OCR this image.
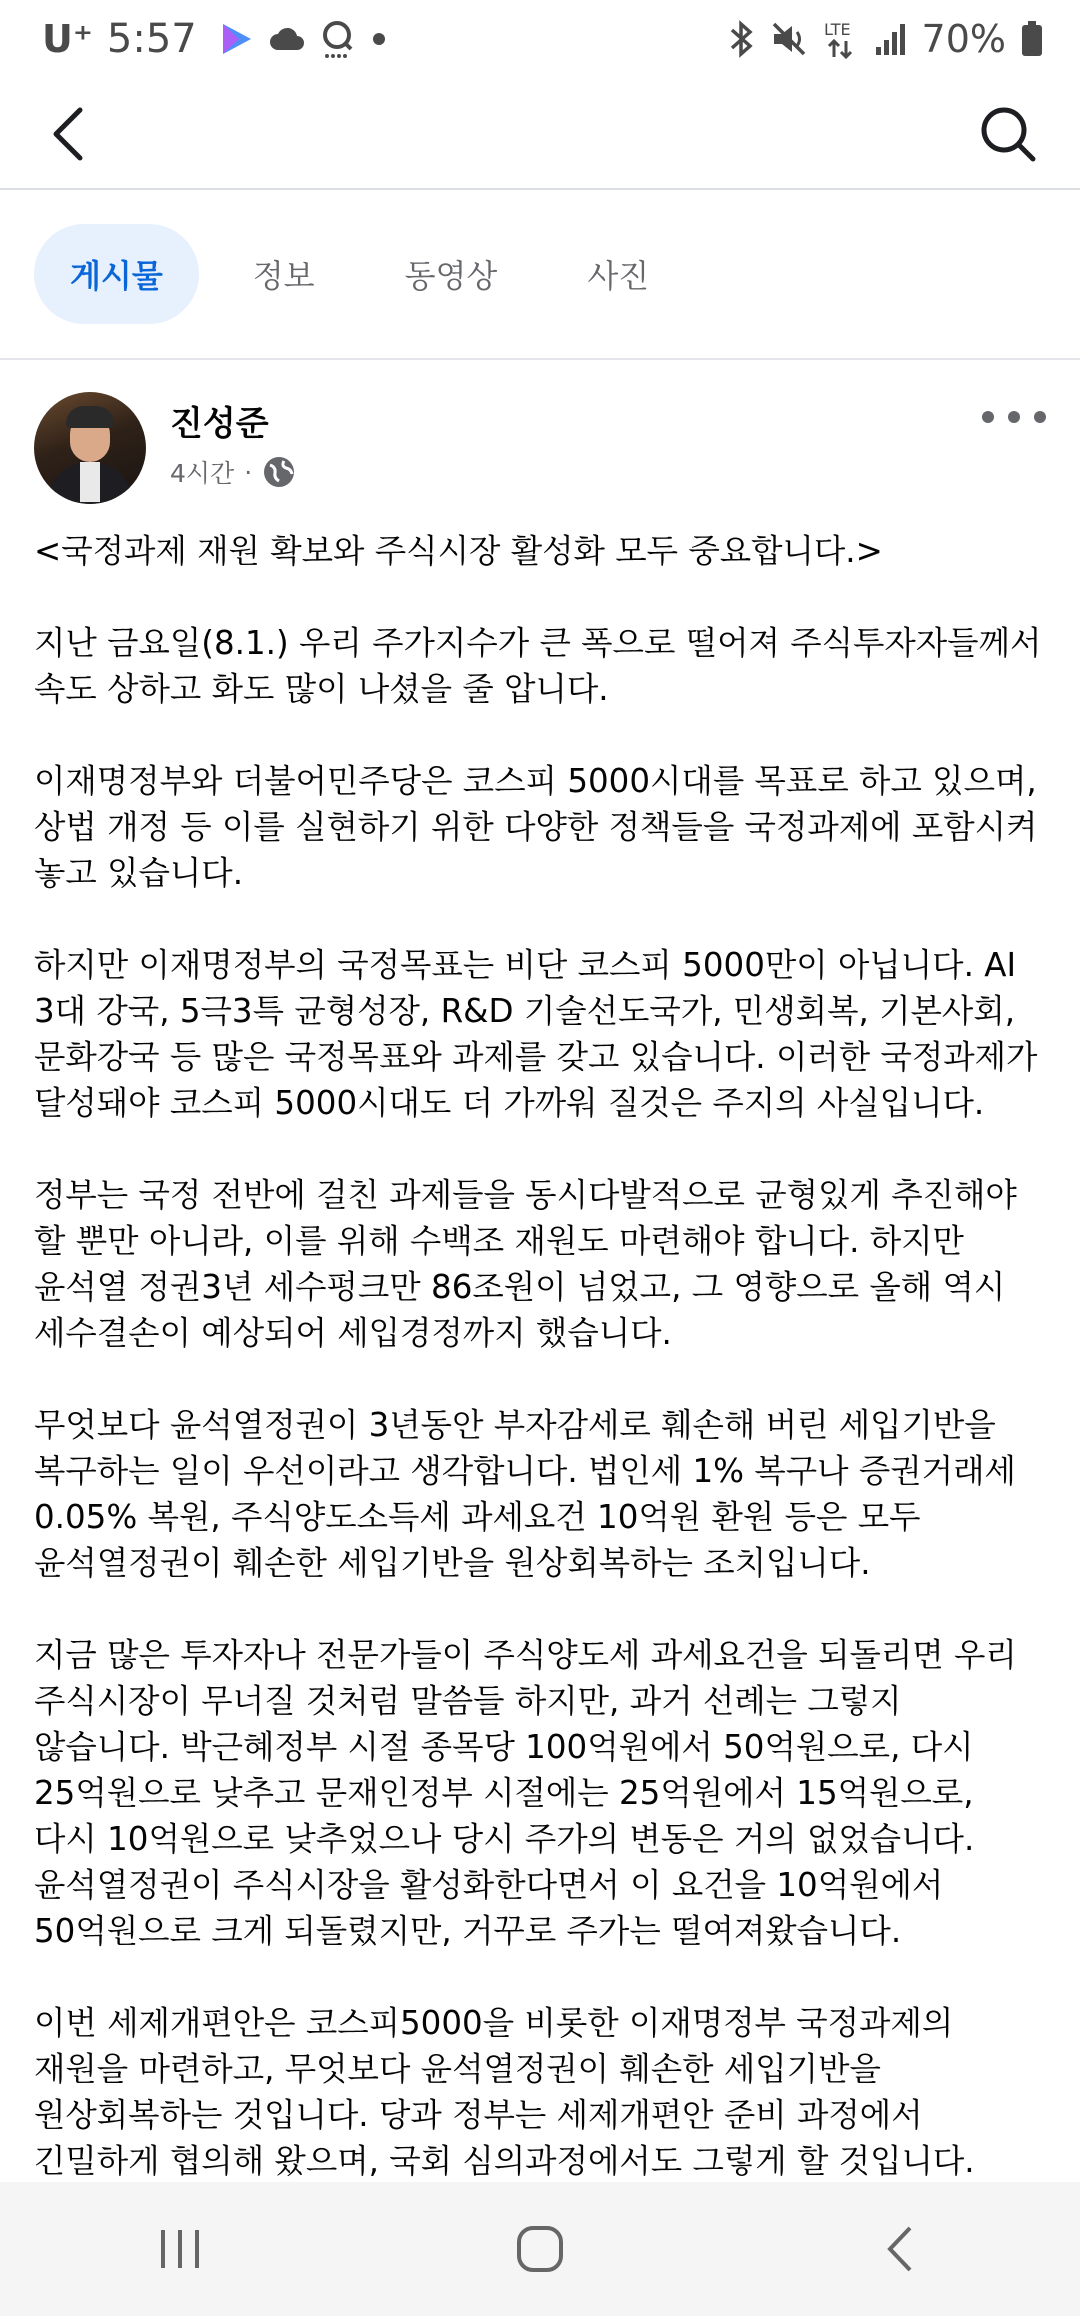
U⁺ 5:57	LTE 70%
게시물	정보	동영상	사진
진성준
4시간 ·

<국정과제 재원 확보와 주식시장 활성화 모두 중요합니다.>

지난 금요일(8.1.) 우리 주가지수가 큰 폭으로 떨어져 주식투자자들께서
속도 상하고 화도 많이 나셨을 줄 압니다.

이재명정부와 더불어민주당은 코스피 5000시대를 목표로 하고 있으며,
상법 개정 등 이를 실현하기 위한 다양한 정책들을 국정과제에 포함시켜
놓고 있습니다.

하지만 이재명정부의 국정목표는 비단 코스피 5000만이 아닙니다. AI
3대 강국, 5극3특 균형성장, R&D 기술선도국가, 민생회복, 기본사회,
문화강국 등 많은 국정목표와 과제를 갖고 있습니다. 이러한 국정과제가
달성돼야 코스피 5000시대도 더 가까워 질것은 주지의 사실입니다.

정부는 국정 전반에 걸친 과제들을 동시다발적으로 균형있게 추진해야
할 뿐만 아니라, 이를 위해 수백조 재원도 마련해야 합니다. 하지만
윤석열 정권3년 세수펑크만 86조원이 넘었고, 그 영향으로 올해 역시
세수결손이 예상되어 세입경정까지 했습니다.

무엇보다 윤석열정권이 3년동안 부자감세로 훼손해 버린 세입기반을
복구하는 일이 우선이라고 생각합니다. 법인세 1% 복구나 증권거래세
0.05% 복원, 주식양도소득세 과세요건 10억원 환원 등은 모두
윤석열정권이 훼손한 세입기반을 원상회복하는 조치입니다.

지금 많은 투자자나 전문가들이 주식양도세 과세요건을 되돌리면 우리
주식시장이 무너질 것처럼 말씀들 하지만, 과거 선례는 그렇지
않습니다. 박근혜정부 시절 종목당 100억원에서 50억원으로, 다시
25억원으로 낮추고 문재인정부 시절에는 25억원에서 15억원으로,
다시 10억원으로 낮추었으나 당시 주가의 변동은 거의 없었습니다.
윤석열정권이 주식시장을 활성화한다면서 이 요건을 10억원에서
50억원으로 크게 되돌렸지만, 거꾸로 주가는 떨여져왔습니다.

이번 세제개편안은 코스피5000을 비롯한 이재명정부 국정과제의
재원을 마련하고, 무엇보다 윤석열정권이 훼손한 세입기반을
원상회복하는 것입니다. 당과 정부는 세제개편안 준비 과정에서
긴밀하게 협의해 왔으며, 국회 심의과정에서도 그렇게 할 것입니다.
